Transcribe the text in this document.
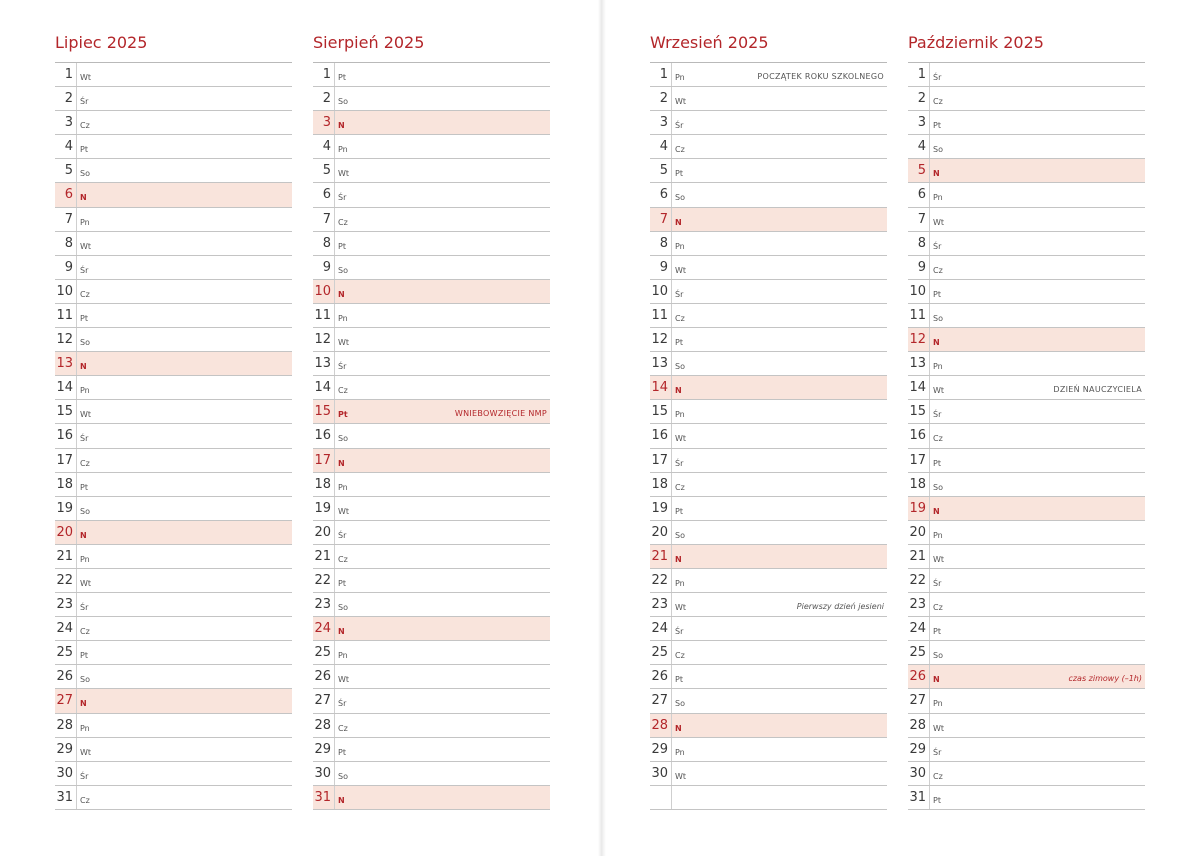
Lipiec 2025
1 Wt
2 Śr
3 Cz
4 Pt
5 So
6 N
7 Pn
8 Wt
9 Śr
10 Cz
11 Pt
12 So
13 N
14 Pn
15 Wt
16 Śr
17 Cz
18 Pt
19 So
20 N
21 Pn
22 Wt
23 Śr
24 Cz
25 Pt
26 So
27 N
28 Pn
29 Wt
30 Śr
31 Cz
Sierpień 2025
1 Pt
2 So
3 N
4 Pn
5 Wt
6 Śr
7 Cz
8 Pt
9 So
10 N
11 Pn
12 Wt
13 Śr
14 Cz
15 Pt	WNIEBOWZIĘCIE NMP
16 So
17 N
18 Pn
19 Wt
20 Śr
21 Cz
22 Pt
23 So
24 N
25 Pn
26 Wt
27 Śr
28 Cz
29 Pt
30 So
31 N
Wrzesień 2025
1 Pn	POCZĄTEK ROKU SZKOLNEGO
2 Wt
3 Śr
4 Cz
5 Pt
6 So
7 N
8 Pn
9 Wt
10 Śr
11 Cz
12 Pt
13 So
14 N
15 Pn
16 Wt
17 Śr
18 Cz
19 Pt
20 So
21 N
22 Pn
23 Wt	Pierwszy dzień jesieni
24 Śr
25 Cz
26 Pt
27 So
28 N
29 Pn
30 Wt
Październik 2025
1 Śr
2 Cz
3 Pt
4 So
5 N
6 Pn
7 Wt
8 Śr
9 Cz
10 Pt
11 So
12 N
13 Pn
14 Wt	DZIEŃ NAUCZYCIELA
15 Śr
16 Cz
17 Pt
18 So
19 N
20 Pn
21 Wt
22 Śr
23 Cz
24 Pt
25 So
26 N	czas zimowy (–1h)
27 Pn
28 Wt
29 Śr
30 Cz
31 Pt
